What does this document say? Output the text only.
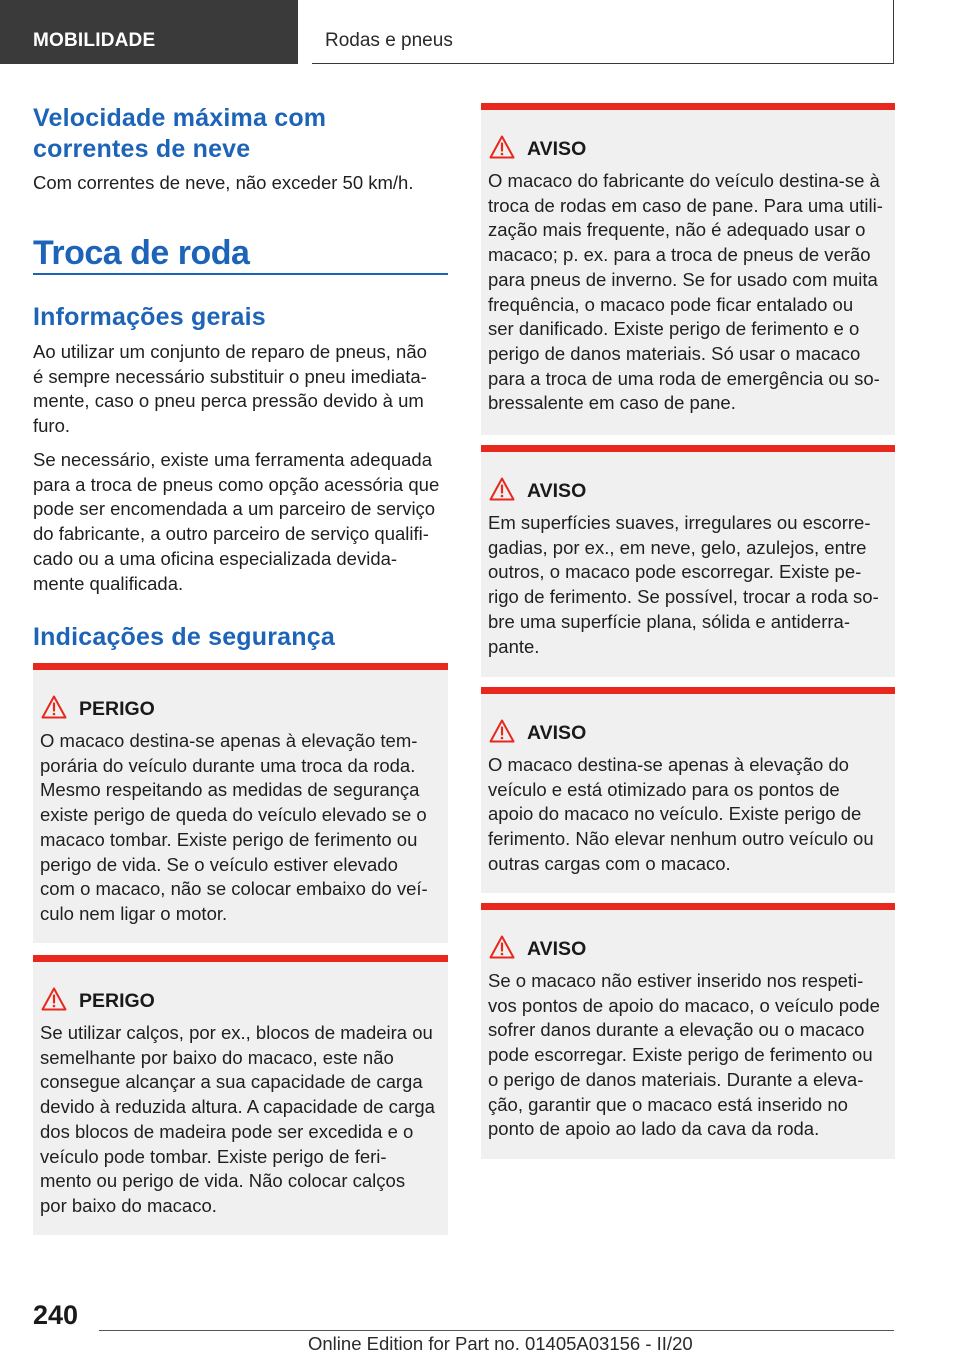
MOBILIDADE	Rodas e pneus
Velocidade máxima com
correntes de neve
Com correntes de neve, não exceder 50 km/h.
Troca de roda
Informações gerais
Ao utilizar um conjunto de reparo de pneus, não
é sempre necessário substituir o pneu imediata‐
mente, caso o pneu perca pressão devido à um
furo.
Se necessário, existe uma ferramenta adequada
para a troca de pneus como opção acessória que
pode ser encomendada a um parceiro de serviço
do fabricante, a outro parceiro de serviço qualifi‐
cado ou a uma oficina especializada devida‐
mente qualificada.
Indicações de segurança
PERIGO
O macaco destina-se apenas à elevação tem‐
porária do veículo durante uma troca da roda.
Mesmo respeitando as medidas de segurança
existe perigo de queda do veículo elevado se o
macaco tombar. Existe perigo de ferimento ou
perigo de vida. Se o veículo estiver elevado
com o macaco, não se colocar embaixo do veí‐
culo nem ligar o motor.
PERIGO
Se utilizar calços, por ex., blocos de madeira ou
semelhante por baixo do macaco, este não
consegue alcançar a sua capacidade de carga
devido à reduzida altura. A capacidade de carga
dos blocos de madeira pode ser excedida e o
veículo pode tombar. Existe perigo de feri‐
mento ou perigo de vida. Não colocar calços
por baixo do macaco.
AVISO
O macaco do fabricante do veículo destina-se à
troca de rodas em caso de pane. Para uma utili‐
zação mais frequente, não é adequado usar o
macaco; p. ex. para a troca de pneus de verão
para pneus de inverno. Se for usado com muita
frequência, o macaco pode ficar entalado ou
ser danificado. Existe perigo de ferimento e o
perigo de danos materiais. Só usar o macaco
para a troca de uma roda de emergência ou so‐
bressalente em caso de pane.
AVISO
Em superfícies suaves, irregulares ou escorre‐
gadias, por ex., em neve, gelo, azulejos, entre
outros, o macaco pode escorregar. Existe pe‐
rigo de ferimento. Se possível, trocar a roda so‐
bre uma superfície plana, sólida e antiderra‐
pante.
AVISO
O macaco destina-se apenas à elevação do
veículo e está otimizado para os pontos de
apoio do macaco no veículo. Existe perigo de
ferimento. Não elevar nenhum outro veículo ou
outras cargas com o macaco.
AVISO
Se o macaco não estiver inserido nos respeti‐
vos pontos de apoio do macaco, o veículo pode
sofrer danos durante a elevação ou o macaco
pode escorregar. Existe perigo de ferimento ou
o perigo de danos materiais. Durante a eleva‐
ção, garantir que o macaco está inserido no
ponto de apoio ao lado da cava da roda.
240
Online Edition for Part no. 01405A03156 - II/20
